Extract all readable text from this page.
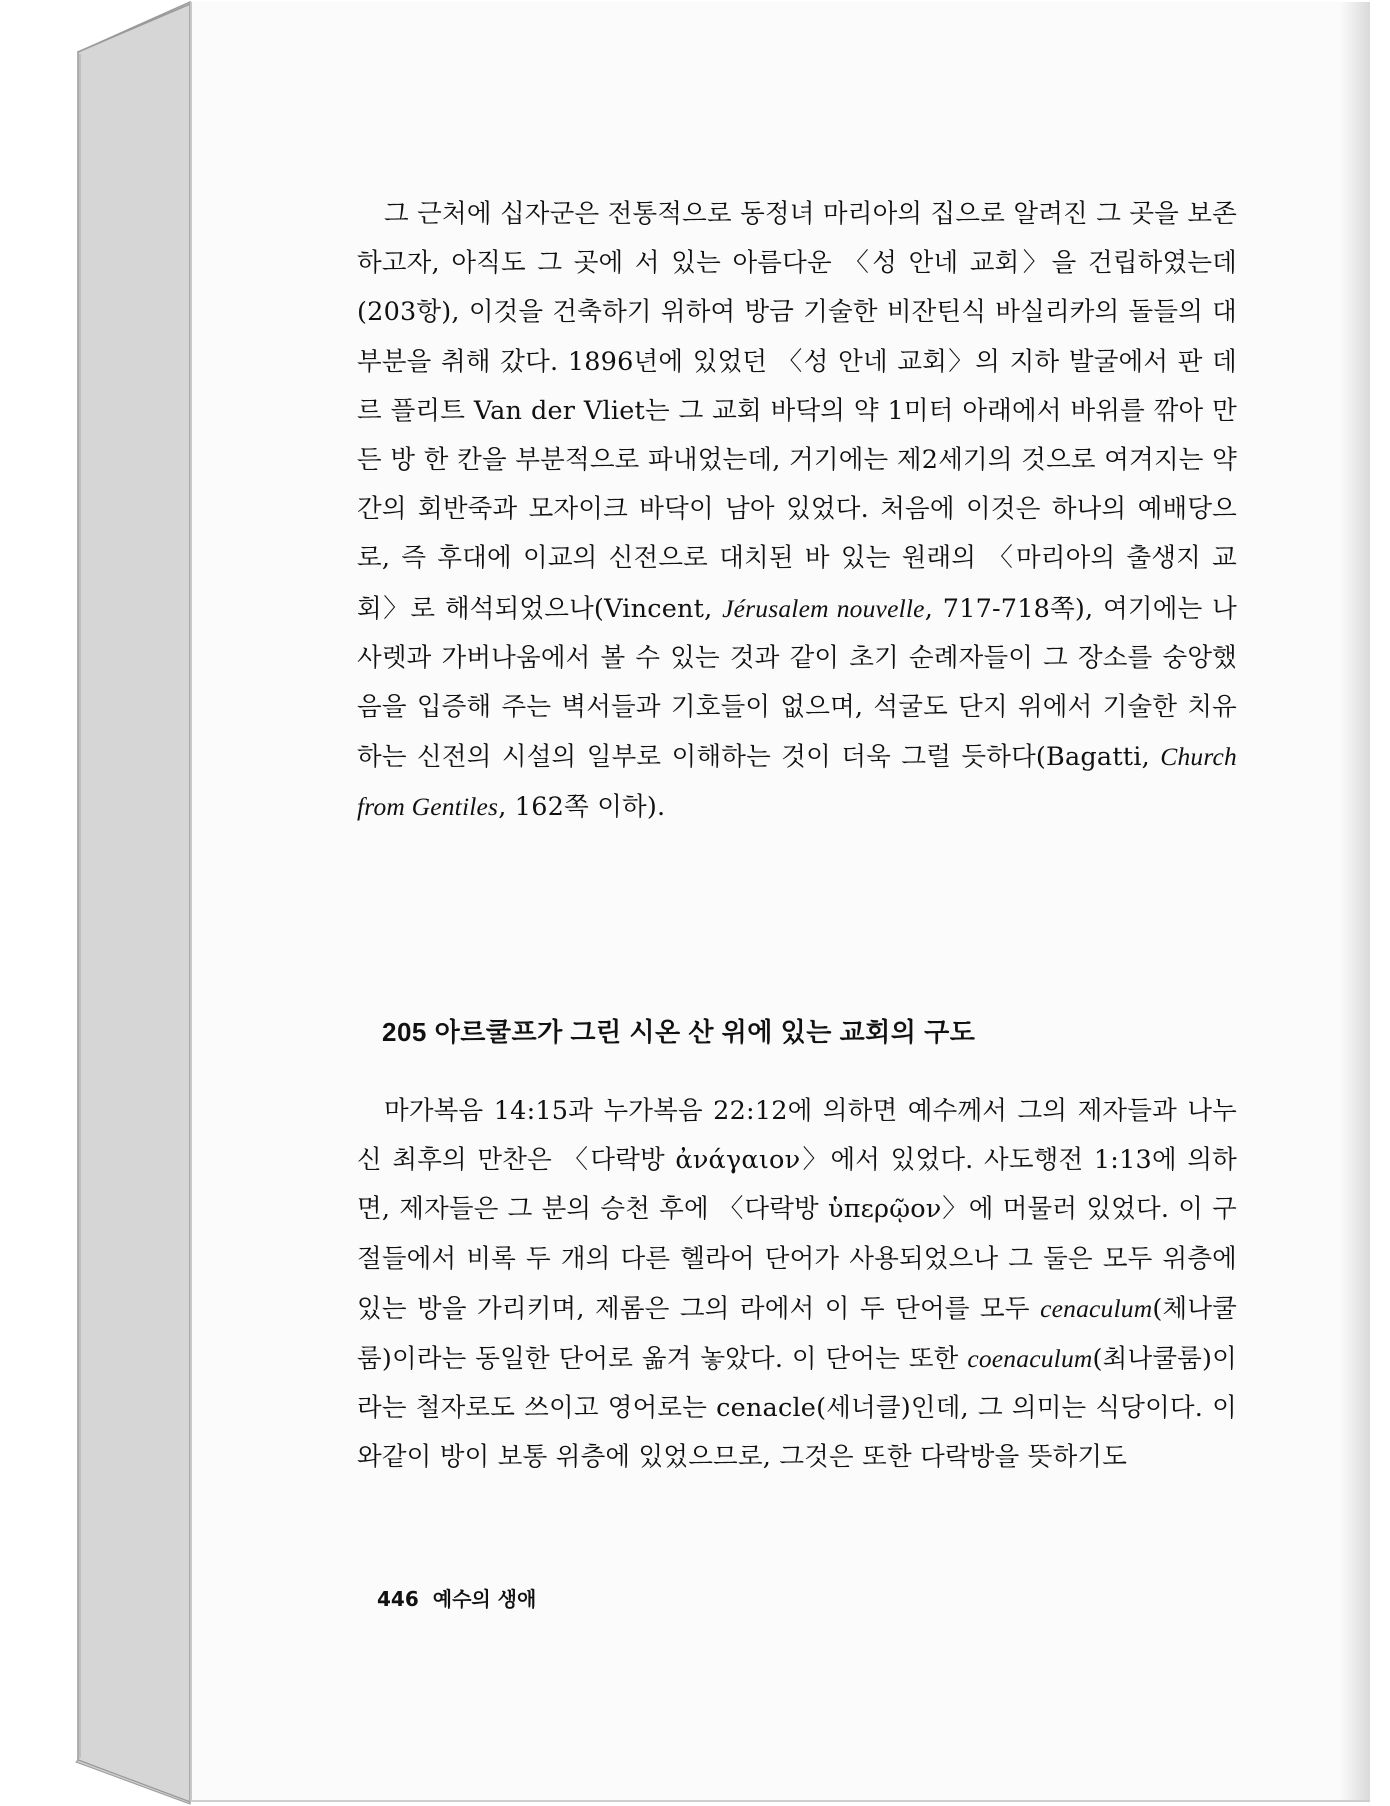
그 근처에 십자군은 전통적으로 동정녀 마리아의 집으로 알려진 그 곳을 보존하고자, 아직도 그 곳에 서 있는 아름다운 〈성 안네 교회〉을 건립하였는데(203항), 이것을 건축하기 위하여 방금 기술한 비잔틴식 바실리카의 돌들의 대부분을 취해 갔다. 1896년에 있었던 〈성 안네 교회〉의 지하 발굴에서 판 데르 플리트 Van der Vliet는 그 교회 바닥의 약 1미터 아래에서 바위를 깎아 만든 방 한 칸을 부분적으로 파내었는데, 거기에는 제2세기의 것으로 여겨지는 약간의 회반죽과 모자이크 바닥이 남아 있었다. 처음에 이것은 하나의 예배당으로, 즉 후대에 이교의 신전으로 대치된 바 있는 원래의 〈마리아의 출생지 교회〉로 해석되었으나(Vincent, Jérusalem nouvelle, 717-718쪽), 여기에는 나사렛과 가버나움에서 볼 수 있는 것과 같이 초기 순례자들이 그 장소를 숭앙했음을 입증해 주는 벽서들과 기호들이 없으며, 석굴도 단지 위에서 기술한 치유하는 신전의 시설의 일부로 이해하는 것이 더욱 그럴 듯하다(Bagatti, Church from Gentiles, 162쪽 이하).

205 아르쿨프가 그린 시온 산 위에 있는 교회의 구도

마가복음 14:15과 누가복음 22:12에 의하면 예수께서 그의 제자들과 나누신 최후의 만찬은 〈다락방 ἀνάγαιον〉에서 있었다. 사도행전 1:13에 의하면, 제자들은 그 분의 승천 후에 〈다락방 ὑπερῷον〉에 머물러 있었다. 이 구절들에서 비록 두 개의 다른 헬라어 단어가 사용되었으나 그 둘은 모두 위층에 있는 방을 가리키며, 제롬은 그의 라에서 이 두 단어를 모두 cenaculum(체나쿨룸)이라는 동일한 단어로 옮겨 놓았다. 이 단어는 또한 coenaculum(최나쿨룸)이라는 철자로도 쓰이고 영어로는 cenacle(세너클)인데, 그 의미는 식당이다. 이와같이 방이 보통 위층에 있었으므로, 그것은 또한 다락방을 뜻하기도

446 예수의 생애
